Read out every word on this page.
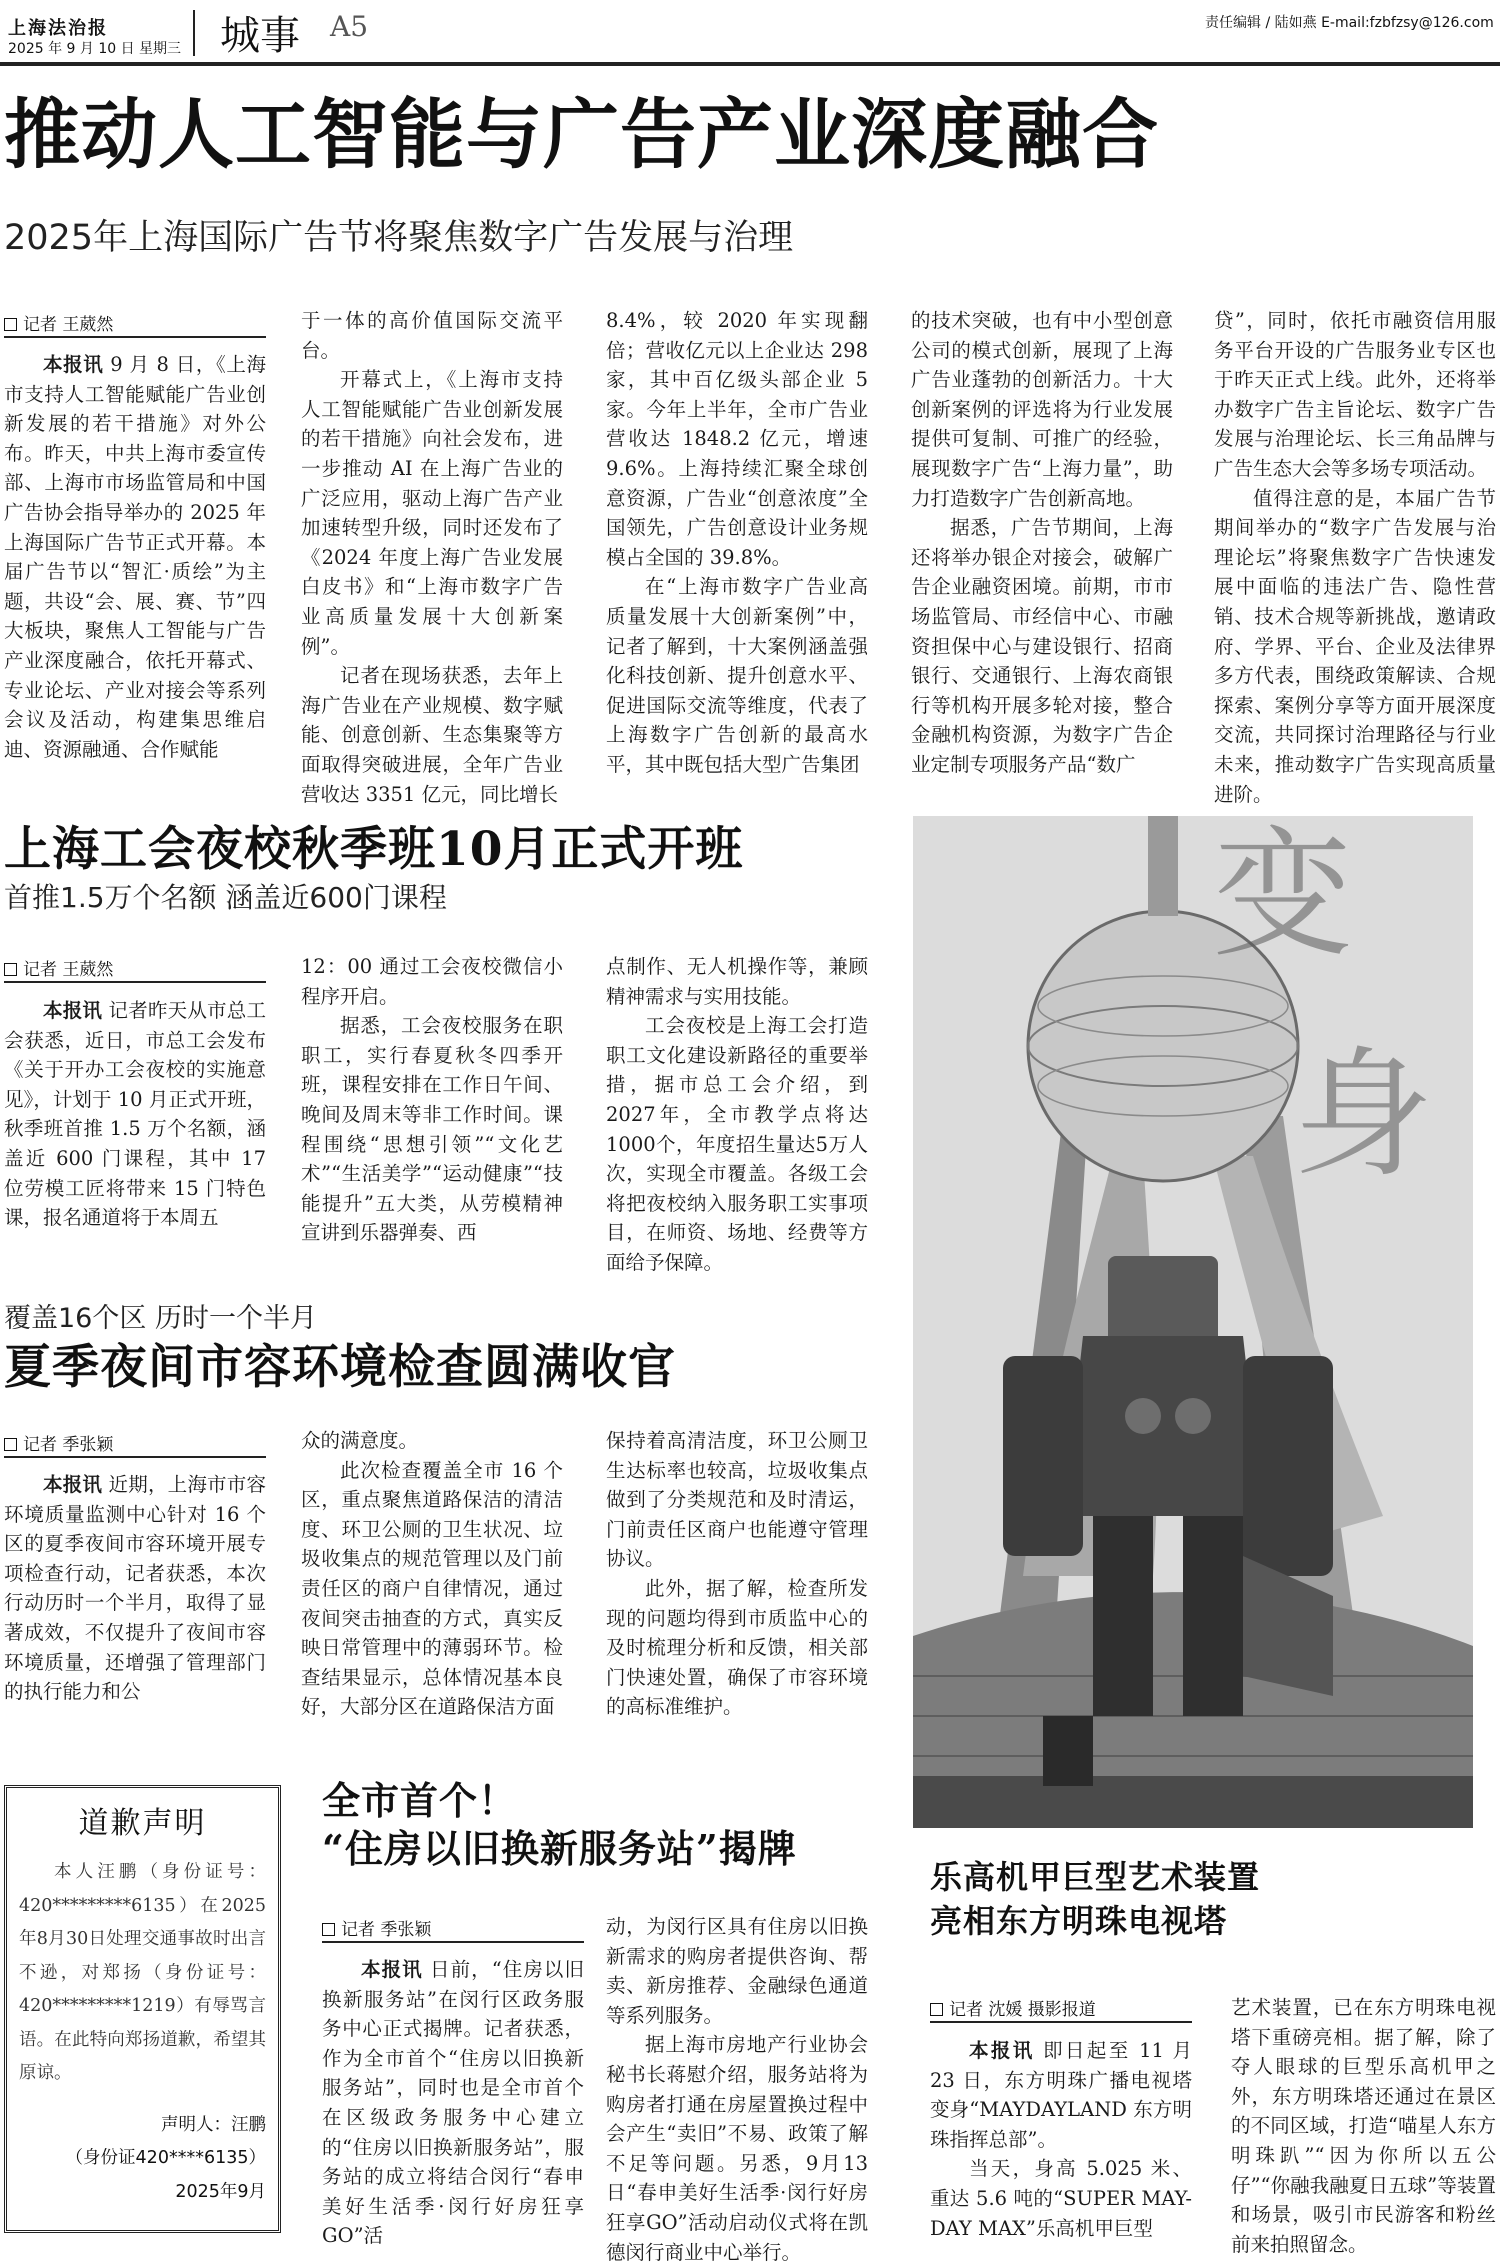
上海法治报
2025 年 9 月 10 日 星期三 城事 A5	责任编辑 / 陆如燕 E-mail:fzbfzsy@126.com
推动人工智能与广告产业深度融合
2025年上海国际广告节将聚焦数字广告发展与治理
记者 王葳然

本报讯 9 月 8 日，《上海市支持人工智能赋能广告业创新发展的若干措施》对外公布。昨天，中共上海市委宣传部、上海市市场监管局和中国广告协会指导举办的 2025 年上海国际广告节正式开幕。本届广告节以“智汇·质绘”为主题，共设“会、展、赛、节”四大板块，聚焦人工智能与广告产业深度融合，依托开幕式、专业论坛、产业对接会等系列会议及活动，构建集思维启迪、资源融通、合作赋能

于一体的高价值国际交流平台。

开幕式上，《上海市支持人工智能赋能广告业创新发展的若干措施》向社会发布，进一步推动 AI 在上海广告业的广泛应用，驱动上海广告产业加速转型升级，同时还发布了《2024 年度上海广告业发展白皮书》和“上海市数字广告业高质量发展十大创新案例”。

记者在现场获悉，去年上海广告业在产业规模、数字赋能、创意创新、生态集聚等方面取得突破进展，全年广告业营收达 3351 亿元，同比增长

8.4%，较 2020 年实现翻倍；营收亿元以上企业达 298 家，其中百亿级头部企业 5 家。今年上半年，全市广告业营收达 1848.2 亿元，增速 9.6%。上海持续汇聚全球创意资源，广告业“创意浓度”全国领先，广告创意设计业务规模占全国的 39.8%。

在“上海市数字广告业高质量发展十大创新案例”中，记者了解到，十大案例涵盖强化科技创新、提升创意水平、促进国际交流等维度，代表了上海数字广告创新的最高水平，其中既包括大型广告集团

的技术突破，也有中小型创意公司的模式创新，展现了上海广告业蓬勃的创新活力。十大创新案例的评选将为行业发展提供可复制、可推广的经验，展现数字广告“上海力量”，助力打造数字广告创新高地。

据悉，广告节期间，上海还将举办银企对接会，破解广告企业融资困境。前期，市市场监管局、市经信中心、市融资担保中心与建设银行、招商银行、交通银行、上海农商银行等机构开展多轮对接，整合金融机构资源，为数字广告企业定制专项服务产品“数广

贷”，同时，依托市融资信用服务平台开设的广告服务业专区也于昨天正式上线。此外，还将举办数字广告主旨论坛、数字广告发展与治理论坛、长三角品牌与广告生态大会等多场专项活动。

值得注意的是，本届广告节期间举办的“数字广告发展与治理论坛”将聚焦数字广告快速发展中面临的违法广告、隐性营销、技术合规等新挑战，邀请政府、学界、平台、企业及法律界多方代表，围绕政策解读、合规探索、案例分享等方面开展深度交流，共同探讨治理路径与行业未来，推动数字广告实现高质量进阶。

上海工会夜校秋季班10月正式开班
首推1.5万个名额 涵盖近600门课程
记者 王葳然

本报讯 记者昨天从市总工会获悉，近日，市总工会发布《关于开办工会夜校的实施意见》，计划于 10 月正式开班，秋季班首推 1.5 万个名额，涵盖近 600 门课程，其中 17 位劳模工匠将带来 15 门特色课，报名通道将于本周五

12：00 通过工会夜校微信小程序开启。

据悉，工会夜校服务在职职工，实行春夏秋冬四季开班，课程安排在工作日午间、晚间及周末等非工作时间。课程围绕“思想引领”“文化艺术”“生活美学”“运动健康”“技能提升”五大类，从劳模精神宣讲到乐器弹奏、西

点制作、无人机操作等，兼顾精神需求与实用技能。

工会夜校是上海工会打造职工文化建设新路径的重要举措，据市总工会介绍，到2027年，全市教学点将达1000个，年度招生量达5万人次，实现全市覆盖。各级工会将把夜校纳入服务职工实事项目，在师资、场地、经费等方面给予保障。

覆盖16个区 历时一个半月
夏季夜间市容环境检查圆满收官
记者 季张颖

本报讯 近期，上海市市容环境质量监测中心针对 16 个区的夏季夜间市容环境开展专项检查行动，记者获悉，本次行动历时一个半月，取得了显著成效，不仅提升了夜间市容环境质量，还增强了管理部门的执行能力和公

众的满意度。

此次检查覆盖全市 16 个区，重点聚焦道路保洁的清洁度、环卫公厕的卫生状况、垃圾收集点的规范管理以及门前责任区的商户自律情况，通过夜间突击抽查的方式，真实反映日常管理中的薄弱环节。检查结果显示，总体情况基本良好，大部分区在道路保洁方面

保持着高清洁度，环卫公厕卫生达标率也较高，垃圾收集点做到了分类规范和及时清运，门前责任区商户也能遵守管理协议。

此外，据了解，检查所发现的问题均得到市质监中心的及时梳理分析和反馈，相关部门快速处置，确保了市容环境的高标准维护。

道歉声明
本人汪鹏（身份证号：420*********6135）在2025年8月30日处理交通事故时出言不逊，对郑扬（身份证号：420*********1219）有辱骂言语。在此特向郑扬道歉，希望其原谅。
声明人：汪鹏
（身份证420****6135）
2025年9月
全市首个！
“住房以旧换新服务站”揭牌
记者 季张颖

本报讯 日前，“住房以旧换新服务站”在闵行区政务服务中心正式揭牌。记者获悉，作为全市首个“住房以旧换新服务站”，同时也是全市首个在区级政务服务中心建立的“住房以旧换新服务站”，服务站的成立将结合闵行“春申美好生活季·闵行好房狂享 GO”活

动，为闵行区具有住房以旧换新需求的购房者提供咨询、帮卖、新房推荐、金融绿色通道等系列服务。

据上海市房地产行业协会秘书长蒋慰介绍，服务站将为购房者打通在房屋置换过程中会产生“卖旧”不易、政策了解不足等问题。另悉，9月13日“春申美好生活季·闵行好房狂享GO”活动启动仪式将在凯德闵行商业中心举行。

变
身
乐高机甲巨型艺术装置
亮相东方明珠电视塔
记者 沈媛 摄影报道

本报讯 即日起至 11 月 23 日，东方明珠广播电视塔变身“MAYDAYLAND 东方明珠指挥总部”。

当天，身高 5.025 米、重达 5.6 吨的“SUPER MAY-DAY MAX”乐高机甲巨型

艺术装置，已在东方明珠电视塔下重磅亮相。据了解，除了夺人眼球的巨型乐高机甲之外，东方明珠塔还通过在景区的不同区域，打造“喵星人东方明珠趴”“因为你所以五公仔”“你融我融夏日五球”等装置和场景，吸引市民游客和粉丝前来拍照留念。
